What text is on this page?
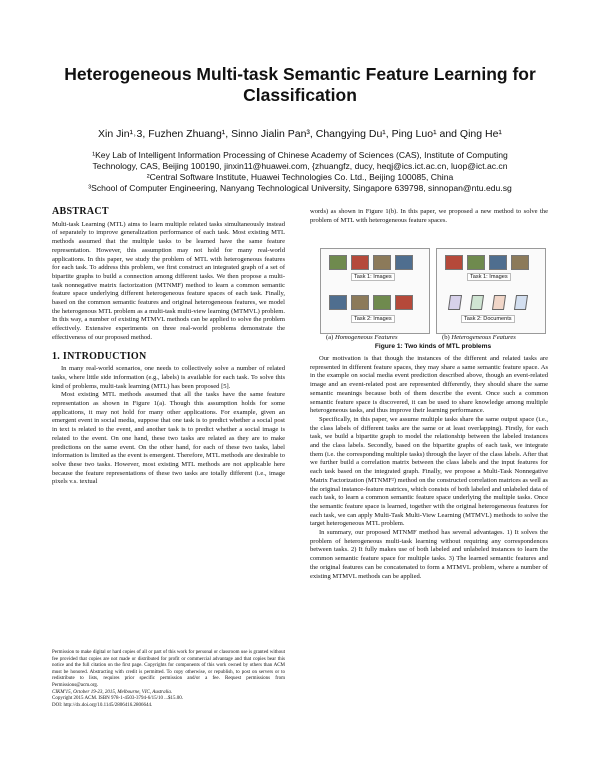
Heterogeneous Multi-task Semantic Feature Learning for Classification
Xin Jin¹˒3, Fuzhen Zhuang¹, Sinno Jialin Pan³, Changying Du¹, Ping Luo¹ and Qing He¹
¹Key Lab of Intelligent Information Processing of Chinese Academy of Sciences (CAS), Institute of Computing
Technology, CAS, Beijing 100190, jinxin11@huawei.com, {zhuangfz, ducy, heqj@ics.ict.ac.cn, luop@ict.ac.cn
²Central Software Institute, Huawei Technologies Co. Ltd., Beijing 100085, China
³School of Computer Engineering, Nanyang Technological University, Singapore 639798, sinnopan@ntu.edu.sg
ABSTRACT

Multi-task Learning (MTL) aims to learn multiple related tasks simultaneously instead of separately to improve generalization performance of each task. Most existing MTL methods assumed that the multiple tasks to be learned have the same feature representation. However, this assumption may not hold for many real-world applications. In this paper, we study the problem of MTL with heterogeneous features for each task. To address this problem, we first construct an integrated graph of a set of bipartite graphs to build a connection among different tasks. We then propose a multi-task nonnegative matrix factorization (MTNMF) method to learn a common semantic feature space underlying different heterogeneous feature spaces of each task. Finally, based on the common semantic features and original heterogeneous features, we model the heterogenous MTL problem as a multi-task multi-view learning (MTMVL) problem. In this way, a number of existing MTMVL methods can be applied to solve the problem effectively. Extensive experiments on three real-world problems demonstrate the effectiveness of our proposed method.

1. INTRODUCTION

In many real-world scenarios, one needs to collectively solve a number of related tasks, where little side information (e.g., labels) is available for each task. To solve this kind of problems, multi-task learning (MTL) has been proposed [5].

Most existing MTL methods assumed that all the tasks have the same feature representation as shown in Figure 1(a). Though this assumption holds for some applications, it may not hold for many other applications. For example, given an emergent event in social media, suppose that one task is to predict whether a social post in text is related to the event, and another task is to predict whether a social image is related to the event. On one hand, these two tasks are related as they are to make predictions on the same event. On the other hand, for each of these two tasks, label information is limited as the event is emergent. Therefore, MTL methods are desirable to solve these two tasks. However, most existing MTL methods are not applicable here because the feature representations of these two tasks are totally different (i.e., image pixels v.s. textual

Permission to make digital or hard copies of all or part of this work for personal or classroom use is granted without fee provided that copies are not made or distributed for profit or commercial advantage and that copies bear this notice and the full citation on the first page. Copyrights for components of this work owned by others than ACM must be honored. Abstracting with credit is permitted. To copy otherwise, or republish, to post on servers or to redistribute to lists, requires prior specific permission and/or a fee. Request permissions from Permissions@acm.org.
CIKM'15, October 19-23, 2015, Melbourne, VIC, Australia.
Copyright 2015 ACM. ISBN 978-1-4503-3794-6/15/10 ...$15.00.
DOI: http://dx.doi.org/10.1145/2806416.2806644.

words) as shown in Figure 1(b). In this paper, we proposed a new method to solve the problem of MTL with heterogeneous feature spaces.

Task 1: Images
Task 2: Images
Task 1: Images
Task 2: Documents
(a) Homogeneous Features	(b) Heterogeneous Features
Figure 1: Two kinds of MTL problems

Our motivation is that though the instances of the different and related tasks are represented in different feature spaces, they may share a same semantic feature space. As in the example on social media event prediction described above, though an event-related image and an event-related post are represented differently, they should share the same semantic meanings because both of them describe the event. Once such a common semantic feature space is discovered, it can be used to share knowledge among multiple heterogeneous tasks, and thus improve their learning performance.

Specifically, in this paper, we assume multiple tasks share the same output space (i.e., the class labels of different tasks are the same or at least overlapping). Firstly, for each task, we build a bipartite graph to model the relationship between the labeled instances and the class labels. Secondly, based on the bipartite graphs of each task, we integrate them (i.e. the corresponding multiple tasks) through the layer of the class labels. After that we further build a correlation matrix between the class labels and the input features for each task based on the integrated graph. Finally, we propose a Multi-Task Nonnegative Matrix Factorization (MTNMF²) method on the constructed correlation matrices as well as the original instance-feature matrices, which consists of both labeled and unlabeled data of each task, to learn a common semantic feature space underlying the multiple tasks. Once the semantic feature space is learned, together with the original heterogeneous features for each task, we can apply Multi-Task Multi-View Learning (MTMVL) methods to solve the target heterogeneous MTL problem.

In summary, our proposed MTNMF method has several advantages. 1) It solves the problem of heterogeneous multi-task learning without requiring any correspondences between tasks. 2) It fully makes use of both labeled and unlabeled instances to learn the common semantic feature space for multiple tasks. 3) The learned semantic features and the original features can be concatenated to form a MTMVL problem, where a number of existing MTMVL methods can be applied.
